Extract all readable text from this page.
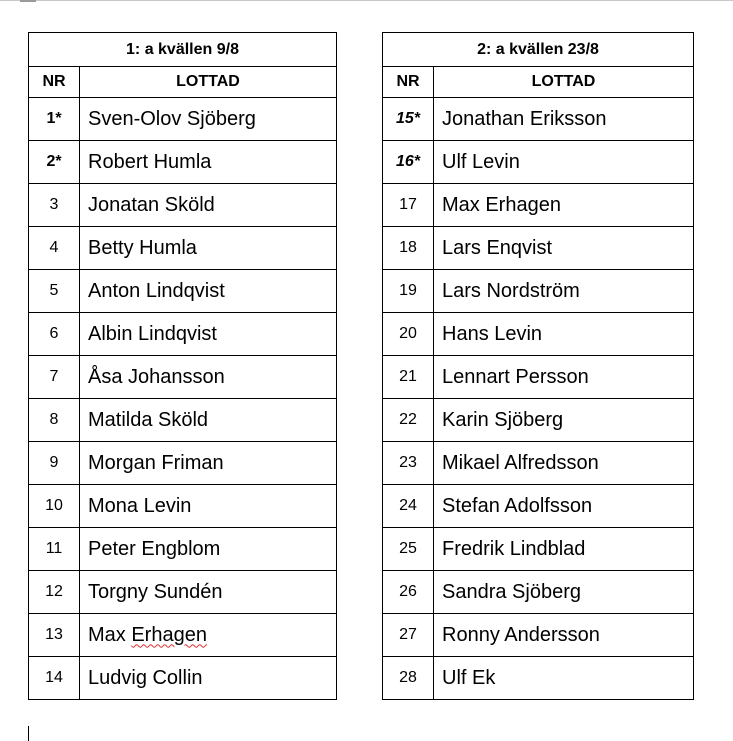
1: a kvällen 9/8	
NR	LOTTAD
1*	Sven-Olov Sjöberg
2*	Robert Humla
3	Jonatan Sköld
4	Betty Humla
5	Anton Lindqvist
6	Albin Lindqvist
7	Åsa Johansson
8	Matilda Sköld
9	Morgan Friman
10	Mona Levin
11	Peter Engblom
12	Torgny Sundén
13	Max Erhagen
14	Ludvig Collin
2: a kvällen 23/8	
NR	LOTTAD
15*	Jonathan Eriksson
16*	Ulf Levin
17	Max Erhagen
18	Lars Enqvist
19	Lars Nordström
20	Hans Levin
21	Lennart Persson
22	Karin Sjöberg
23	Mikael Alfredsson
24	Stefan Adolfsson
25	Fredrik Lindblad
26	Sandra Sjöberg
27	Ronny Andersson
28	Ulf Ek
